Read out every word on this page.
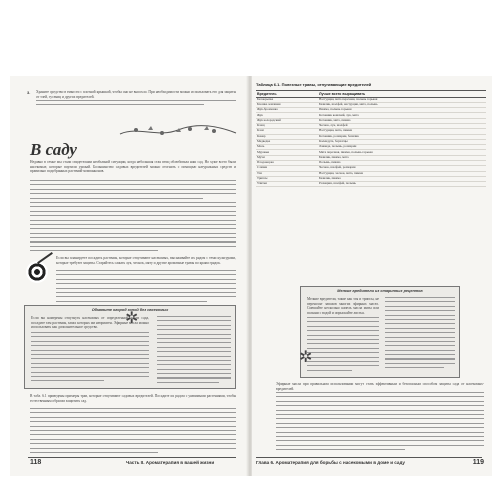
3. Храните средство в емкости с плотной крышкой, чтобы оно не высохло. При необходимости можно использовать его для защиты от тлей, гусениц и других вредителей.
В саду
Недавно в семье мы стали свидетелями необычной ситуации, когда небольшая стая птиц облюбовала наш сад. Но хуже всего были насекомые, которые портили урожай. Большинство садовых вредителей можно отогнать с помощью натуральных средств и правильно подобранных растений-компаньонов.
Если вы планируете посадить растения, которые отпугивают насекомых, высаживайте их рядом с теми культурами, которые требуют защиты. Старайтесь сажать лук, чеснок, мяту и другие ароматные травы по краям грядок.
Обманите огород зоной без насекомых
Если вы намерены отпугнуть насекомых от определенной части сада, посадите там растения, запах которых им неприятен. Эфирные масла можно использовать как дополнительное средство.
✲
В табл. 6.1 приведены примеры трав, которые отпугивают садовых вредителей. Посадите их рядом с уязвимыми растениями, чтобы естественным образом защитить сад.
118	Часть II. Ароматерапия в вашей жизни
Таблица 6.1. Полезные травы, отпугивающие вредителей
Вредитель	Лучше всего выращивать
Белокрылка	Настурция, мята перечная, полынь горькая
Блошка земляная	Базилик, шалфей, настурция, мята, полынь
Жук-бронзовка	Пижма, полынь горькая
Жук	Котовник кошачий, лук, мята
Жук колорадский	Котовник, мята, пижма
Клещ	Чеснок, лук, шалфей
Клоп	Настурция, мята, пижма
Комар	Котовник, розмарин, базилик
Медведка	Календула, бархатцы
Моль	Лаванда, полынь, розмарин
Муравьи	Мята перечная, пижма, полынь горькая
Мухи	Базилик, пижма, мята
Плодожорка	Полынь, пижма
Слизни	Чеснок, шалфей, розмарин
Тля	Настурция, чеснок, мята, пижма
Трипсы	Базилик, пижма
Улитки	Розмарин, шалфей, полынь
Мелкие вредители из старинных рецептов
Мелкие вредители, такие как тля и трипсы, не переносят запахов многих эфирных масел. Смешайте несколько капель масла мяты или полыни с водой и опрыскайте листья.
✲
Эфирные масла при правильном использовании могут стать эффективным и безопасным способом защиты сада от насекомых-вредителей.
Глава 6. Ароматерапия для борьбы с насекомыми в доме и саду	119
